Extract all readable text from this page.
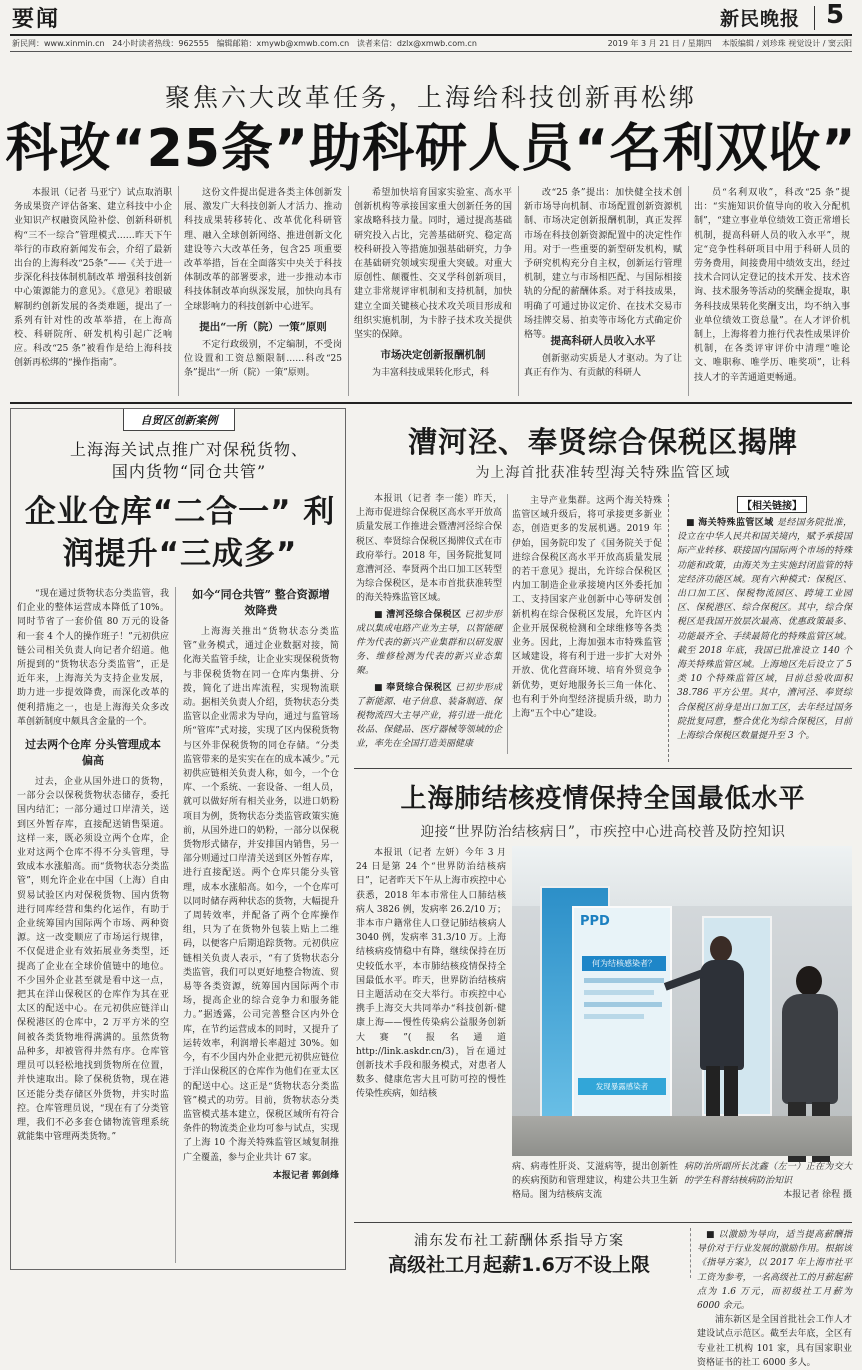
要闻	新民晚报 5
新民网：www.xinmin.cn 24小时读者热线：962555 编辑邮箱：xmywb@xmwb.com.cn 读者来信：dzlx@xmwb.com.cn	2019 年 3 月 21 日 / 星期四 本版编辑 / 刘珍珠 视觉设计 / 窦云阳
聚焦六大改革任务，上海给科技创新再松绑
科改“25条”助科研人员“名利双收”

本报讯（记者 马亚宁）试点取消职务成果资产评估备案、建立科技中小企业知识产权融资风险补偿、创新科研机构“三不一综合”管理模式……昨天下午举行的市政府新闻发布会，介绍了最新出台的上海科改“25条”——《关于进一步深化科技体制机制改革 增强科技创新中心策源能力的意见》。《意见》着眼破解制约创新发展的各类难题，提出了一系列有针对性的改革举措，在上海高校、科研院所、研发机构引起广泛响应。科改“25 条”被看作是给上海科技创新再松绑的“操作指南”。

这份文件提出促进各类主体创新发展、激发广大科技创新人才活力、推动科技成果转移转化、改革优化科研管理、融入全球创新网络、推进创新文化建设等六大改革任务，包含25 项重要改革举措，旨在全面落实中央关于科技体制改革的部署要求，进一步推动本市科技体制改革向纵深发展，加快向具有全球影响力的科技创新中心进军。

提出“一所（院）一策”原则

不定行政级别，不定编制，不受岗位设置和工资总额限制……科改“25 条”提出“一所（院）一策”原则。

希望加快培育国家实验室、高水平创新机构等承接国家重大创新任务的国家战略科技力量。同时，通过提高基础研究投入占比，完善基础研究、稳定高校科研投入等措施加强基础研究，力争在基础研究领域实现重大突破。对重大原创性、颠覆性、交叉学科创新项目，建立非常规评审机制和支持机制，加快建立全面关键核心技术攻关项目形成和组织实施机制，为卡脖子技术攻关提供坚实的保障。

市场决定创新报酬机制

为丰富科技成果转化形式，科

改“25 条”提出：加快健全技术创新市场导向机制、市场配置创新资源机制、市场决定创新报酬机制，真正发挥市场在科技创新资源配置中的决定性作用。对于一些重要的新型研发机构，赋予研究机构充分自主权，创新运行管理机制，建立与市场相匹配、与国际相接轨的分配的薪酬体系。对于科技成果，明确了可通过协议定价、在技术交易市场挂牌交易、拍卖等市场化方式确定价格等。 提高科研人员收入水平

创新驱动实质是人才驱动。为了让真正有作为、有贡献的科研人

员“名利双收”，科改“25 条”提出：“实施知识价值导向的收入分配机制”，“建立事业单位绩效工资正常增长机制，提高科研人员的收入水平”，规定“竞争性科研项目中用于科研人员的劳务费用，间接费用中绩效支出，经过技术合同认定登记的技术开发、技术咨询、技术服务等活动的奖酬金提取，职务科技成果转化奖酬支出，均不纳入事业单位绩效工资总量”。在人才评价机制上，上海将着力推行代表性成果评价机制，在各类评审评价中清理“唯论文、唯职称、唯学历、唯奖项”，让科技人才的辛苦通道更畅通。

自贸区创新案例
上海海关试点推广对保税货物、国内货物“同仓共管”
企业仓库“二合一” 利润提升“三成多”

“现在通过货物状态分类监管，我们企业的整体运营成本降低了10%。同时节省了一套价值 80 万元的设备和一套 4 个人的操作班子！”元初供应链公司相关负责人向记者介绍道。他所提到的“货物状态分类监管”，正是近年来，上海海关为支持企业发展，助力进一步提效降费，而深化改革的便利措施之一，也是上海海关众多改革创新制度中颇具含金量的一个。

过去两个仓库 分头管理成本偏高

过去，企业从国外进口的货物，一部分会以保税货物状态储存，委托国内结汇；一部分通过口岸清关，送到区外暂存库，直接配送销售渠道。这样一来，既必须设立两个仓库，企业对这两个仓库不得不分头管理，导致成本水涨船高。而“货物状态分类监管”，则允许企业在中国（上海）自由贸易试验区内对保税货物、国内货物进行同库经营和集约化运作，有助于企业统筹国内国际两个市场、两种资源。这一改变顺应了市场运行规律，不仅促进企业有效拓展业务类型，还提高了企业在全球价值链中的地位。不少国外企业甚至就是看中这一点，把其在洋山保税区的仓库作为其在亚太区的配送中心。在元初供应链洋山保税港区的仓库中，2 万平方米的空间被各类货物堆得满满的。虽然货物品种多，却被管得井然有序。仓库管理员可以轻松地找到货物所在位置，并快速取出。除了保税货物，现在港区还能分类存储区外货物，并实时监控。仓库管理员说，“现在有了分类管理，我们不必多套仓储物流管理系统就能集中管理两类货物。”

如今“同仓共管” 整合资源增效降费

上海海关推出“货物状态分类监管”业务模式，通过企业数据对接，简化海关监管手续，让企业实现保税货物与非保税货物在同一仓库内集拼、分拨，简化了进出库流程，实现物流联动。据相关负责人介绍，货物状态分类监管以企业需求为导向，通过与监管场所“管库”式对接，实现了区内保税货物与区外非保税货物的同仓存储。“分类监管带来的是实实在在的成本减少。”元初供应链相关负责人称，如今，一个仓库、一个系统、一套设备、一组人员，就可以做好所有相关业务，以进口奶粉项目为例，货物状态分类监管政策实施前，从国外进口的奶粉，一部分以保税货物形式储存，并安排国内销售，另一部分则通过口岸清关送到区外暂存库，进行直接配送。两个仓库只能分头管理，成本水涨船高。如今，一个仓库可以同时储存两种状态的货物，大幅提升了周转效率，并配备了两个仓库操作组，只为了在货物外包装上贴上二维码，以便客户后期追踪货物。元初供应链相关负责人表示，“有了货物状态分类监管，我们可以更好地整合物流、贸易等各类资源，统筹国内国际两个市场，提高企业的综合竞争力和服务能力。”据透露，公司完善整合区内外仓库，在节约运营成本的同时，又提升了运转效率，利润增长率超过 30%。如今，有不少国内外企业把元初供应链位于洋山保税区的仓库作为他们在亚太区的配送中心。这正是“货物状态分类监管”模式的功劳。目前，货物状态分类监管模式基本建立，保税区域所有符合条件的物流类企业均可参与试点，实现了上海 10 个海关特殊监管区域复制推广全覆盖，参与企业共计 67 家。

本报记者 郭剑烽
漕河泾、奉贤综合保税区揭牌
为上海首批获准转型海关特殊监管区域

本报讯（记者 李一能）昨天，上海市促进综合保税区高水平开放高质量发展工作推进会暨漕河泾综合保税区、奉贤综合保税区揭牌仪式在市政府举行。2018 年，国务院批复同意漕河泾、奉贤两个出口加工区转型为综合保税区，是本市首批获准转型的海关特殊监管区域。

■ 漕河泾综合保税区 已初步形成以集成电路产业为主导，以智能硬件为代表的新兴产业集群和以研发服务、维修检测为代表的新兴业态集聚。
■ 奉贤综合保税区 已初步形成了新能源、电子信息、装备制造、保税物流四大主导产业，将引进一批化妆品、保健品、医疗器械等领域的企业，率先在全国打造美丽健康

主导产业集群。这两个海关特殊监管区域升级后，将可承接更多新业态，创造更多的发展机遇。2019 年伊始，国务院印发了《国务院关于促进综合保税区高水平开放高质量发展的若干意见》提出，允许综合保税区内加工制造企业承接境内区外委托加工、支持国家产业创新中心等研发创新机构在综合保税区发展，允许区内企业开展保税检测和全球维修等各类业务。因此，上海加强本市特殊监管区域建设，将有利于进一步扩大对外开放、优化营商环境、培育外贸竞争新优势，更好地服务长三角一体化、也有利于外向型经济提质升级，助力上海“五个中心”建设。

【相关链接】
■ 海关特殊监管区域 是经国务院批准，设立在中华人民共和国关境内，赋予承接国际产业转移、联接国内国际两个市场的特殊功能和政策，由海关为主实施封闭监管的特定经济功能区域。现有六种模式：保税区、出口加工区、保税物流园区、跨境工业园区、保税港区、综合保税区。其中，综合保税区是我国开放层次最高、优惠政策最多、功能最齐全、手续最简化的特殊监管区域。截至 2018 年底，我国已批准设立 140 个海关特殊监管区域。上海地区先后设立了 5 类 10 个特殊监管区域，目前总验收面积 38.786 平方公里。其中，漕河泾、奉贤综合保税区前身是出口加工区，去年经过国务院批复同意，整合优化为综合保税区，目前上海综合保税区数量提升至 3 个。
上海肺结核疫情保持全国最低水平
迎接“世界防治结核病日”，市疾控中心进高校普及防控知识

本报讯（记者 左妍）今年 3 月 24 日是第 24 个“世界防治结核病日”，记者昨天下午从上海市疾控中心获悉，2018 年本市常住人口肺结核病人 3826 例，发病率 26.2/10 万；非本市户籍常住人口登记肺结核病人 3040 例，发病率 31.3/10 万。上海结核病疫情稳中有降，继续保持在历史较低水平，本市肺结核疫情保持全国最低水平。昨天，世界防治结核病日主题活动在交大举行。市疾控中心携手上海交大共同举办“科技创新·健康上海——慢性传染病公益服务创新大赛”(报名通道 http://link.askdr.cn/3)，旨在通过创新技术手段和服务模式，对患者人数多、健康危害大且可防可控的慢性传染性疾病，如结核

PPD
何为结核感染者？
发现暴露感染者
病、病毒性肝炎、艾滋病等，提出创新性的疾病预防和管理建议，构建公共卫生新格局。图为结核病支流
病防治所副所长沈鑫（左一）正在为交大的学生科普结核病防治知识
本报记者 徐程 摄
浦东发布社工薪酬体系指导方案
高级社工月起薪1.6万不设上限
■ 以激励为导向，适当提高薪酬指导价对于行业发展的激励作用。根据该《指导方案》，以 2017 年上海市社平工资为参考，一名高级社工的月薪起薪点为 1.6 万元，而初级社工月薪为 6000 余元。

浦东新区是全国首批社会工作人才建设试点示范区。截至去年底，全区有专业社工机构 101 家，具有国家职业资格证书的社工 6000 多人。
